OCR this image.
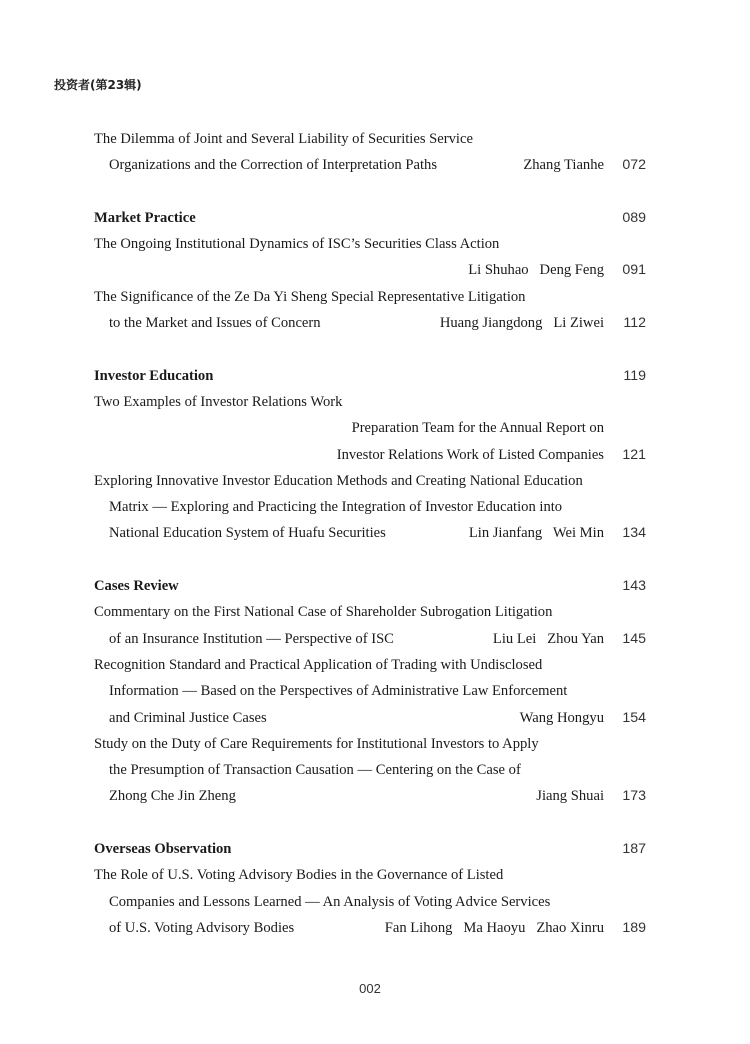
投资者(第23辑)
The Dilemma of Joint and Several Liability of Securities Service
Organizations and the Correction of Interpretation Paths	Zhang Tianhe 072
Market Practice	089
The Ongoing Institutional Dynamics of ISC’s Securities Class Action
Li Shuhao   Deng Feng 091
The Significance of the Ze Da Yi Sheng Special Representative Litigation
to the Market and Issues of Concern	Huang Jiangdong   Li Ziwei 112
Investor Education	119
Two Examples of Investor Relations Work
Preparation Team for the Annual Report on
Investor Relations Work of Listed Companies 121
Exploring Innovative Investor Education Methods and Creating National Education
Matrix — Exploring and Practicing the Integration of Investor Education into
National Education System of Huafu Securities	Lin Jianfang   Wei Min 134
Cases Review	143
Commentary on the First National Case of Shareholder Subrogation Litigation
of an Insurance Institution — Perspective of ISC	Liu Lei   Zhou Yan 145
Recognition Standard and Practical Application of Trading with Undisclosed
Information — Based on the Perspectives of Administrative Law Enforcement
and Criminal Justice Cases	Wang Hongyu 154
Study on the Duty of Care Requirements for Institutional Investors to Apply
the Presumption of Transaction Causation — Centering on the Case of
Zhong Che Jin Zheng	Jiang Shuai 173
Overseas Observation	187
The Role of U.S. Voting Advisory Bodies in the Governance of Listed
Companies and Lessons Learned — An Analysis of Voting Advice Services
of U.S. Voting Advisory Bodies	Fan Lihong   Ma Haoyu   Zhao Xinru 189
002
